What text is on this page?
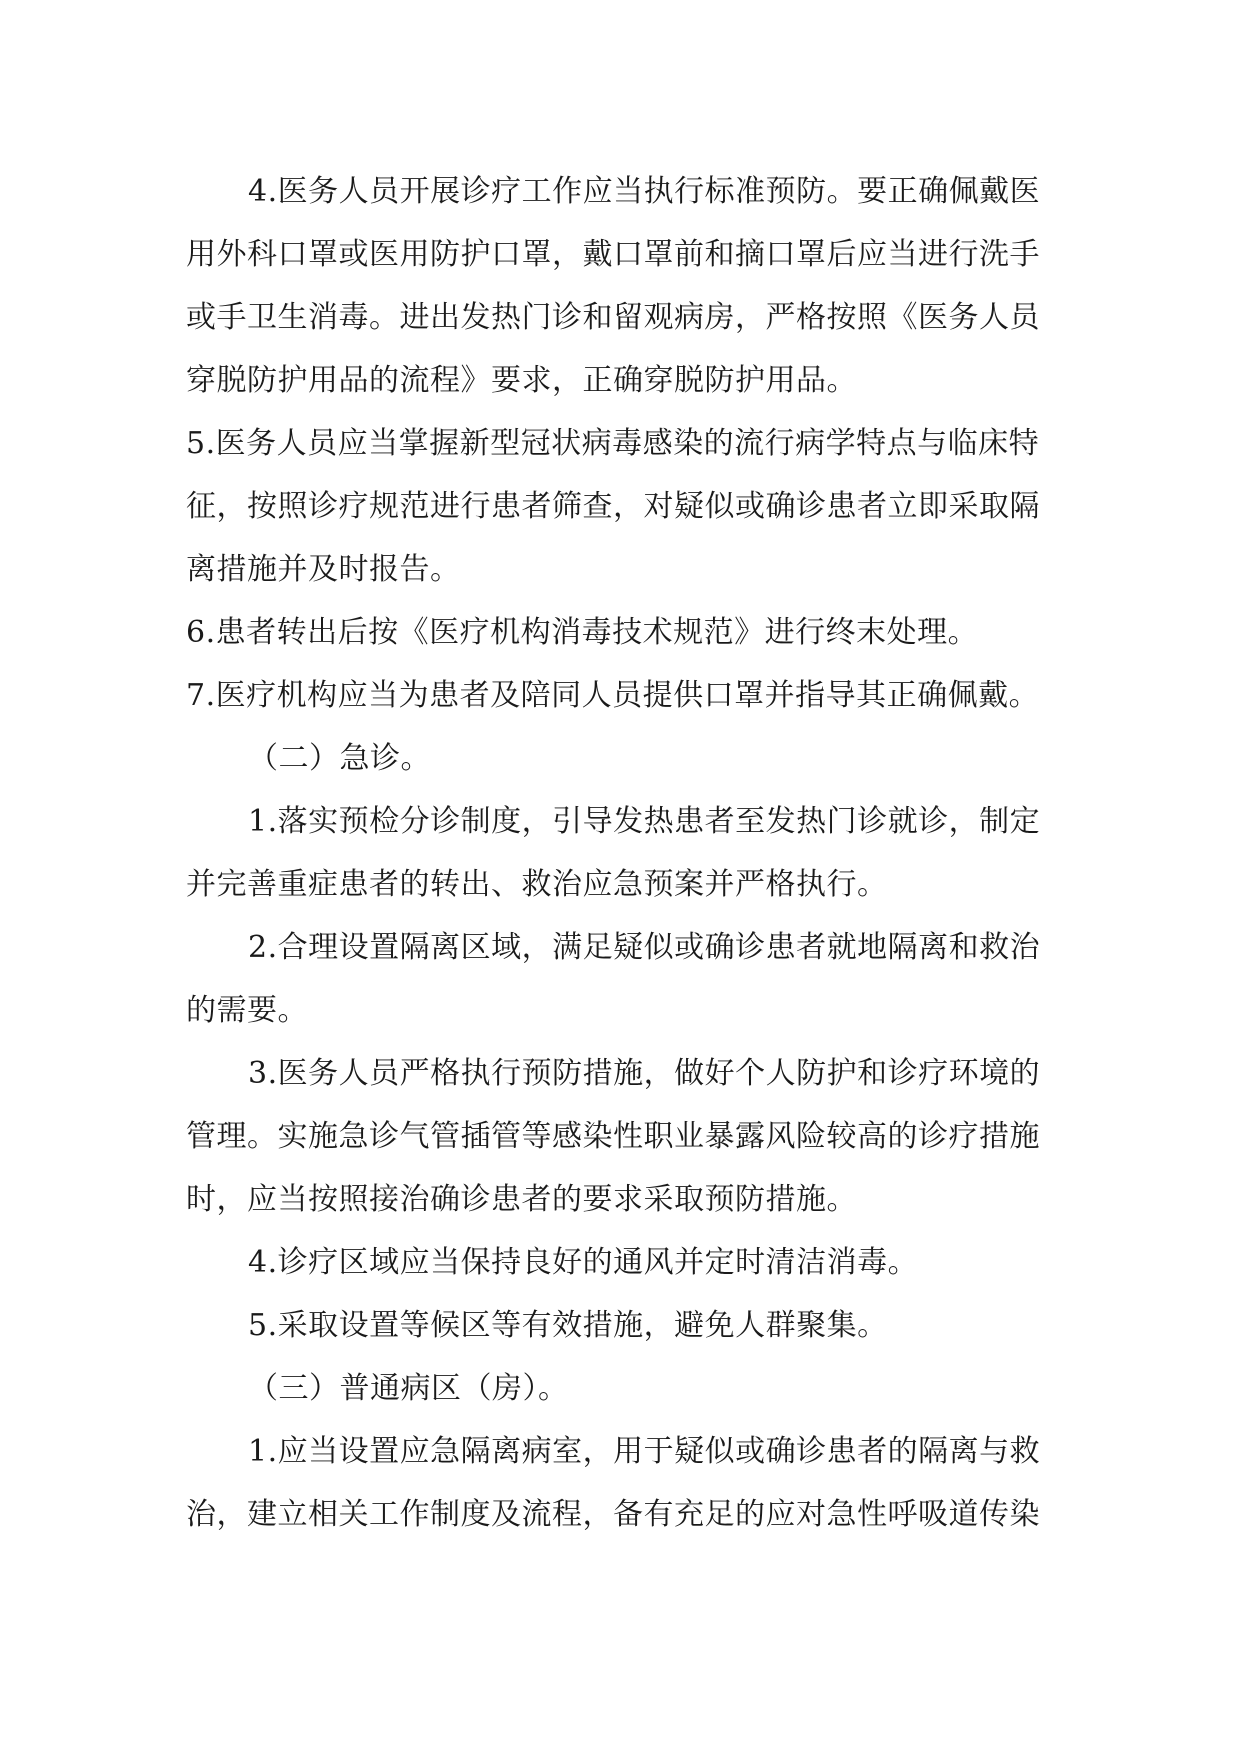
4.医务人员开展诊疗工作应当执行标准预防。要正确佩戴医用外科口罩或医用防护口罩，戴口罩前和摘口罩后应当进行洗手或手卫生消毒。进出发热门诊和留观病房，严格按照《医务人员穿脱防护用品的流程》要求，正确穿脱防护用品。

5.医务人员应当掌握新型冠状病毒感染的流行病学特点与临床特征，按照诊疗规范进行患者筛查，对疑似或确诊患者立即采取隔离措施并及时报告。

6.患者转出后按《医疗机构消毒技术规范》进行终末处理。

7.医疗机构应当为患者及陪同人员提供口罩并指导其正确佩戴。

（二）急诊。

1.落实预检分诊制度，引导发热患者至发热门诊就诊，制定并完善重症患者的转出、救治应急预案并严格执行。

2.合理设置隔离区域，满足疑似或确诊患者就地隔离和救治的需要。

3.医务人员严格执行预防措施，做好个人防护和诊疗环境的管理。实施急诊气管插管等感染性职业暴露风险较高的诊疗措施时，应当按照接治确诊患者的要求采取预防措施。

4.诊疗区域应当保持良好的通风并定时清洁消毒。

5.采取设置等候区等有效措施，避免人群聚集。

（三）普通病区（房）。

1.应当设置应急隔离病室，用于疑似或确诊患者的隔离与救治，建立相关工作制度及流程，备有充足的应对急性呼吸道传染
